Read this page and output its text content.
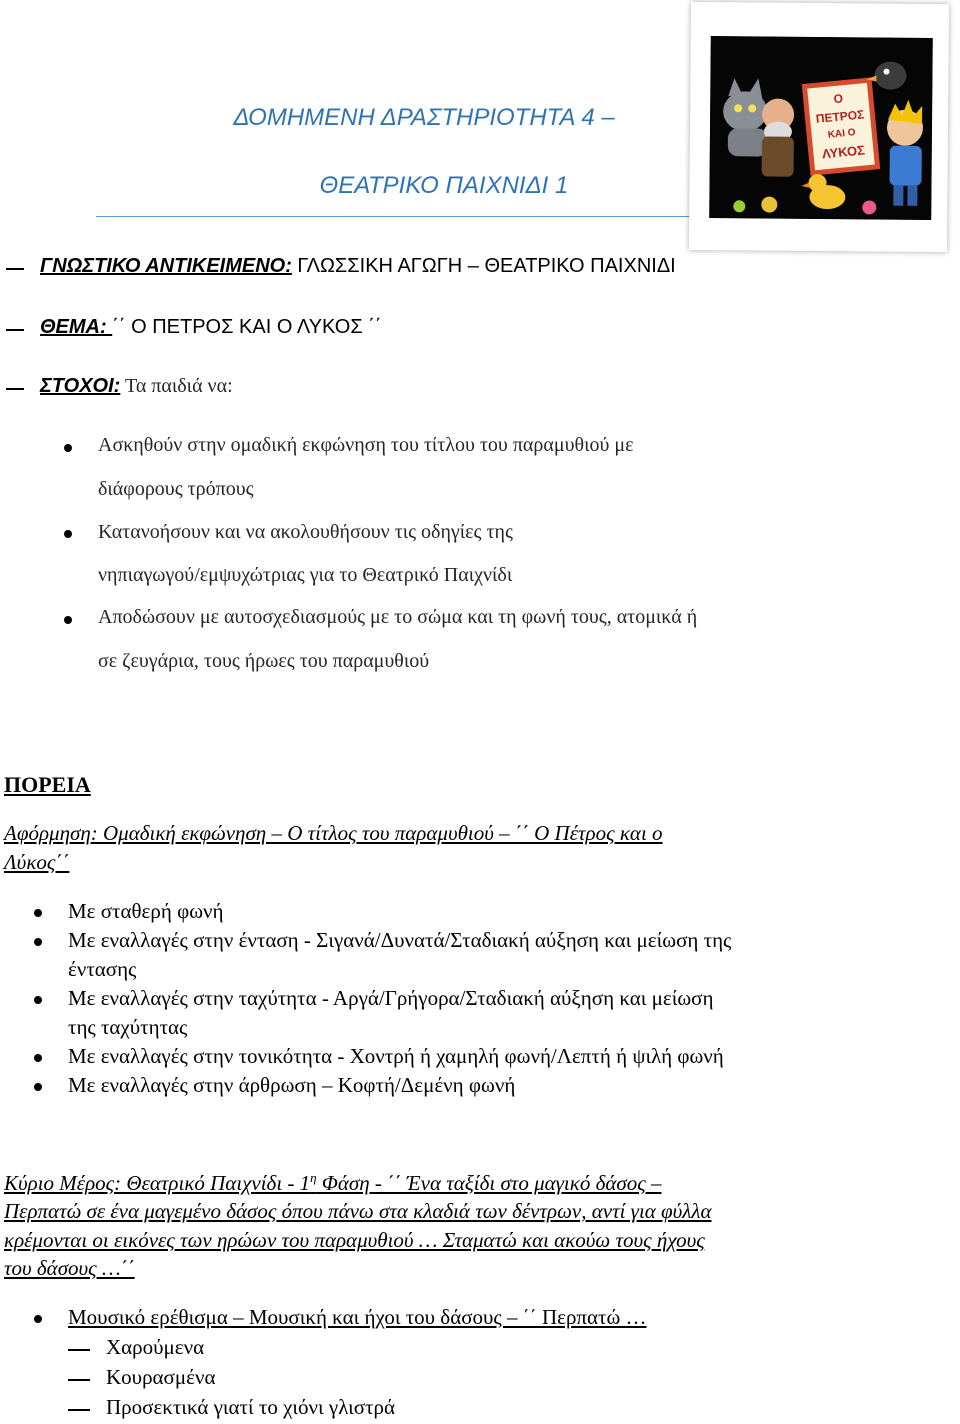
ΔΟΜΗΜΕΝΗ ΔΡΑΣΤΗΡΙΟΤΗΤΑ 4 –
ΘΕΑΤΡΙΚΟ ΠΑΙΧΝΙΔΙ 1
Ο
ΠΕΤΡΟΣ
ΚΑΙ Ο
ΛΥΚΟΣ
ΓΝΩΣΤΙΚΟ ΑΝΤΙΚΕΙΜΕΝΟ: ΓΛΩΣΣΙΚΗ ΑΓΩΓΗ – ΘΕΑΤΡΙΚΟ ΠΑΙΧΝΙΔΙ
ΘΕΜΑ: ΄΄ Ο ΠΕΤΡΟΣ ΚΑΙ Ο ΛΥΚΟΣ ΄΄
ΣΤΟΧΟΙ: Τα παιδιά να:
Ασκηθούν στην ομαδική εκφώνηση του τίτλου του παραμυθιού με
διάφορους τρόπους
Κατανοήσουν και να ακολουθήσουν τις οδηγίες της
νηπιαγωγού/εμψυχώτριας για το Θεατρικό Παιχνίδι
Αποδώσουν με αυτοσχεδιασμούς με το σώμα και τη φωνή τους, ατομικά ή
σε ζευγάρια, τους ήρωες του παραμυθιού
ΠΟΡΕΙΑ
Αφόρμηση: Ομαδική εκφώνηση – Ο τίτλος του παραμυθιού – ΄΄ Ο Πέτρος και ο
Λύκος΄΄
Με σταθερή φωνή
Με εναλλαγές στην ένταση - Σιγανά/Δυνατά/Σταδιακή αύξηση και μείωση της
έντασης
Με εναλλαγές στην ταχύτητα - Αργά/Γρήγορα/Σταδιακή αύξηση και μείωση
της ταχύτητας
Με εναλλαγές στην τονικότητα - Χοντρή ή χαμηλή φωνή/Λεπτή ή ψιλή φωνή
Με εναλλαγές στην άρθρωση – Κοφτή/Δεμένη φωνή
Κύριο Μέρος: Θεατρικό Παιχνίδι - $1^\eta$ Φάση - ΄΄ Ένα ταξίδι στο μαγικό δάσος –
Περπατώ σε ένα μαγεμένο δάσος όπου πάνω στα κλαδιά των δέντρων, αντί για φύλλα
κρέμονται οι εικόνες των ηρώων του παραμυθιού … Σταματώ και ακούω τους ήχους
του δάσους …΄΄
Μουσικό ερέθισμα – Μουσική και ήχοι του δάσους – ΄΄ Περπατώ …
Χαρούμενα
Κουρασμένα
Προσεκτικά γιατί το χιόνι γλιστρά
